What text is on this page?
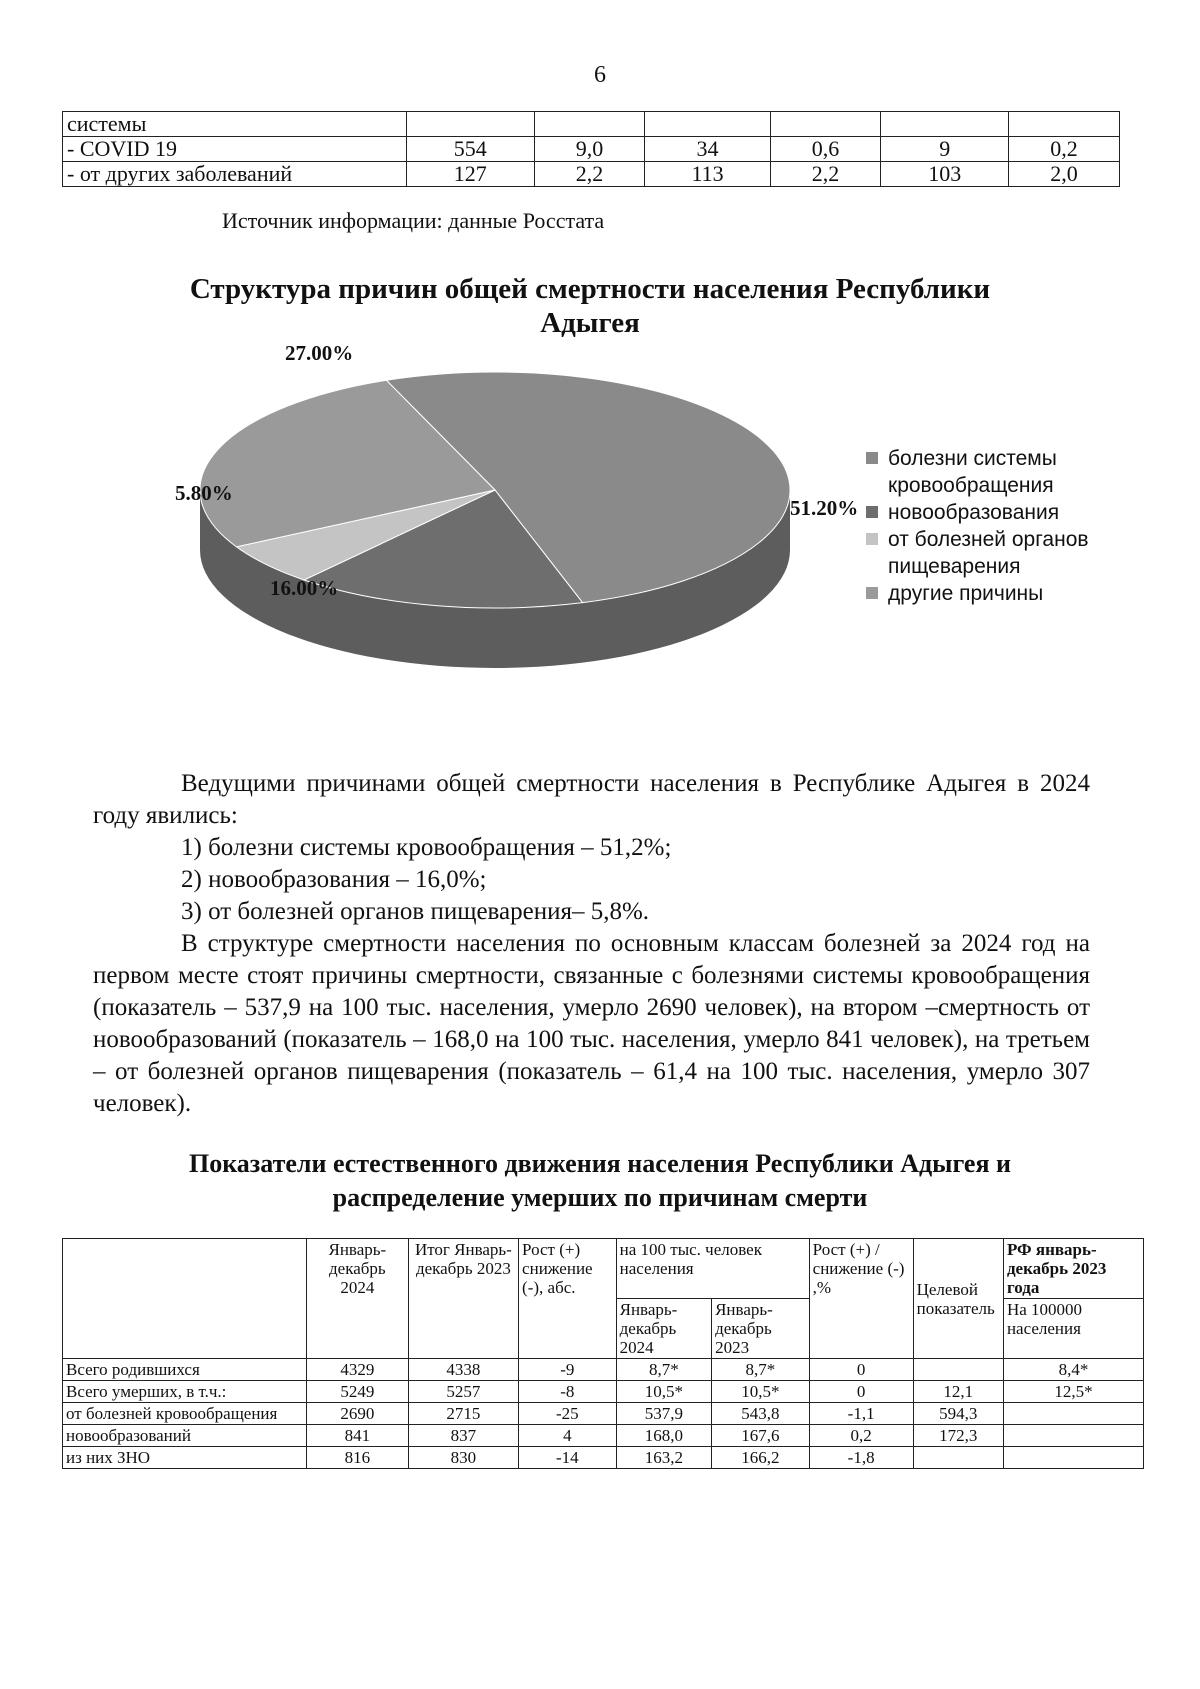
6
системы						
- COVID 19	554	9,0	34	0,6	9	0,2
- от других заболеваний	127	2,2	113	2,2	103	2,0
Источник информации: данные Росстата
Структура причин общей смертности населения Республики
Адыгея
51.20%
16.00%
5.80%
27.00%
болезни системы
кровообращения
новообразования
от болезней органов
пищеварения
другие причины

Ведущими причинами общей смертности населения в Республике Адыгея в 2024 году явились:

1) болезни системы кровообращения – 51,2%;

2) новообразования – 16,0%;

3) от болезней органов пищеварения– 5,8%.

В структуре смертности населения по основным классам болезней за 2024 год на первом месте стоят причины смертности, связанные с болезнями системы кровообращения (показатель – 537,9 на 100 тыс. населения, умерло 2690 человек), на втором –смертность от новообразований (показатель – 168,0 на 100 тыс. населения, умерло 841 человек), на третьем – от болезней органов пищеварения (показатель – 61,4 на 100 тыс. населения, умерло 307 человек).

Показатели естественного движения населения Республики Адыгея и
распределение умерших по причинам смерти
	Январь-декабрь 2024	Итог Январь-декабрь 2023	Рост (+) снижение (-), абс.	на 100 тыс. человек населения		Рост (+) / снижение (-) ,%	Целевой показатель	РФ январь-декабрь 2023 года
				Январь-декабрь 2024	Январь-декабрь 2023			На 100000 населения
Всего родившихся	4329	4338	-9	8,7*	8,7*	0		8,4*
Всего умерших, в т.ч.:	5249	5257	-8	10,5*	10,5*	0	12,1	12,5*
от болезней кровообращения	2690	2715	-25	537,9	543,8	-1,1	594,3	
новообразований	841	837	4	168,0	167,6	0,2	172,3	
из них ЗНО	816	830	-14	163,2	166,2	-1,8		
